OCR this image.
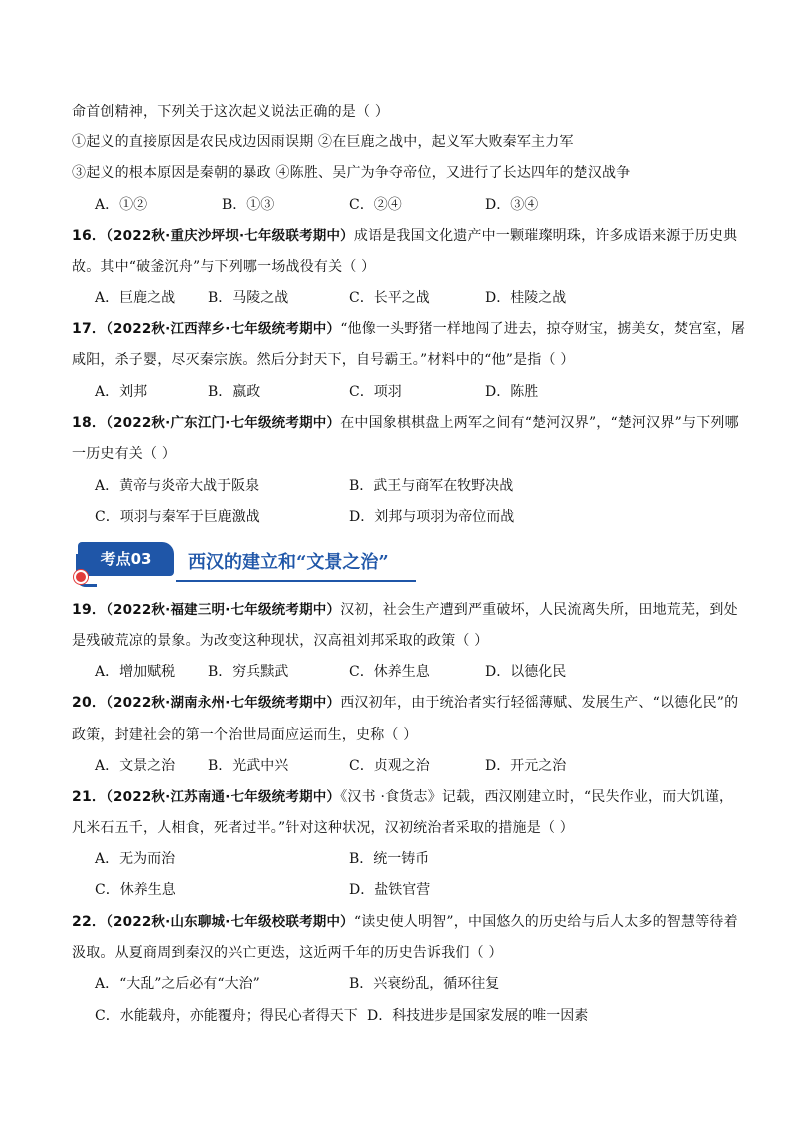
命首创精神，下列关于这次起义说法正确的是（ ）
①起义的直接原因是农民戍边因雨误期 ②在巨鹿之战中，起义军大败秦军主力军
③起义的根本原因是秦朝的暴政 ④陈胜、吴广为争夺帝位，又进行了长达四年的楚汉战争
A．①②	B．①③	C．②④	D．③④
16．（2022秋·重庆沙坪坝·七年级联考期中）成语是我国文化遗产中一颗璀璨明珠，许多成语来源于历史典
故。其中“破釜沉舟”与下列哪一场战役有关（ ）
A．巨鹿之战 B．马陵之战	C．长平之战	D．桂陵之战
17．（2022秋·江西萍乡·七年级统考期中）“他像一头野猪一样地闯了进去，掠夺财宝，掳美女，焚宫室，屠
咸阳，杀子婴，尽灭秦宗族。然后分封天下，自号霸王。”材料中的“他”是指（ ）
A．刘邦	B．嬴政	C．项羽	D．陈胜
18．（2022秋·广东江门·七年级统考期中）在中国象棋棋盘上两军之间有“楚河汉界”，“楚河汉界”与下列哪
一历史有关（ ）
A．黄帝与炎帝大战于阪泉	B．武王与商军在牧野决战
C．项羽与秦军于巨鹿激战	D．刘邦与项羽为帝位而战
考点03	西汉的建立和“文景之治”
19．（2022秋·福建三明·七年级统考期中）汉初，社会生产遭到严重破坏，人民流离失所，田地荒芜，到处
是残破荒凉的景象。为改变这种现状，汉高祖刘邦采取的政策（ ）
A．增加赋税 B．穷兵黩武	C．休养生息	D．以德化民
20．（2022秋·湖南永州·七年级统考期中）西汉初年，由于统治者实行轻徭薄赋、发展生产、“以德化民”的
政策，封建社会的第一个治世局面应运而生，史称（ ）
A．文景之治 B．光武中兴	C．贞观之治	D．开元之治
21．（2022秋·江苏南通·七年级统考期中）《汉书 ·食货志》记载，西汉刚建立时，“民失作业，而大饥谨，
凡米石五千，人相食，死者过半。”针对这种状况，汉初统治者采取的措施是（ ）
A．无为而治	B．统一铸币
C．休养生息	D．盐铁官营
22．（2022秋·山东聊城·七年级校联考期中）“读史使人明智”，中国悠久的历史给与后人太多的智慧等待着
汲取。从夏商周到秦汉的兴亡更迭，这近两千年的历史告诉我们（ ）
A．“大乱”之后必有“大治”	B．兴衰纷乱，循环往复
C．水能载舟，亦能覆舟；得民心者得天下 D．科技进步是国家发展的唯一因素
